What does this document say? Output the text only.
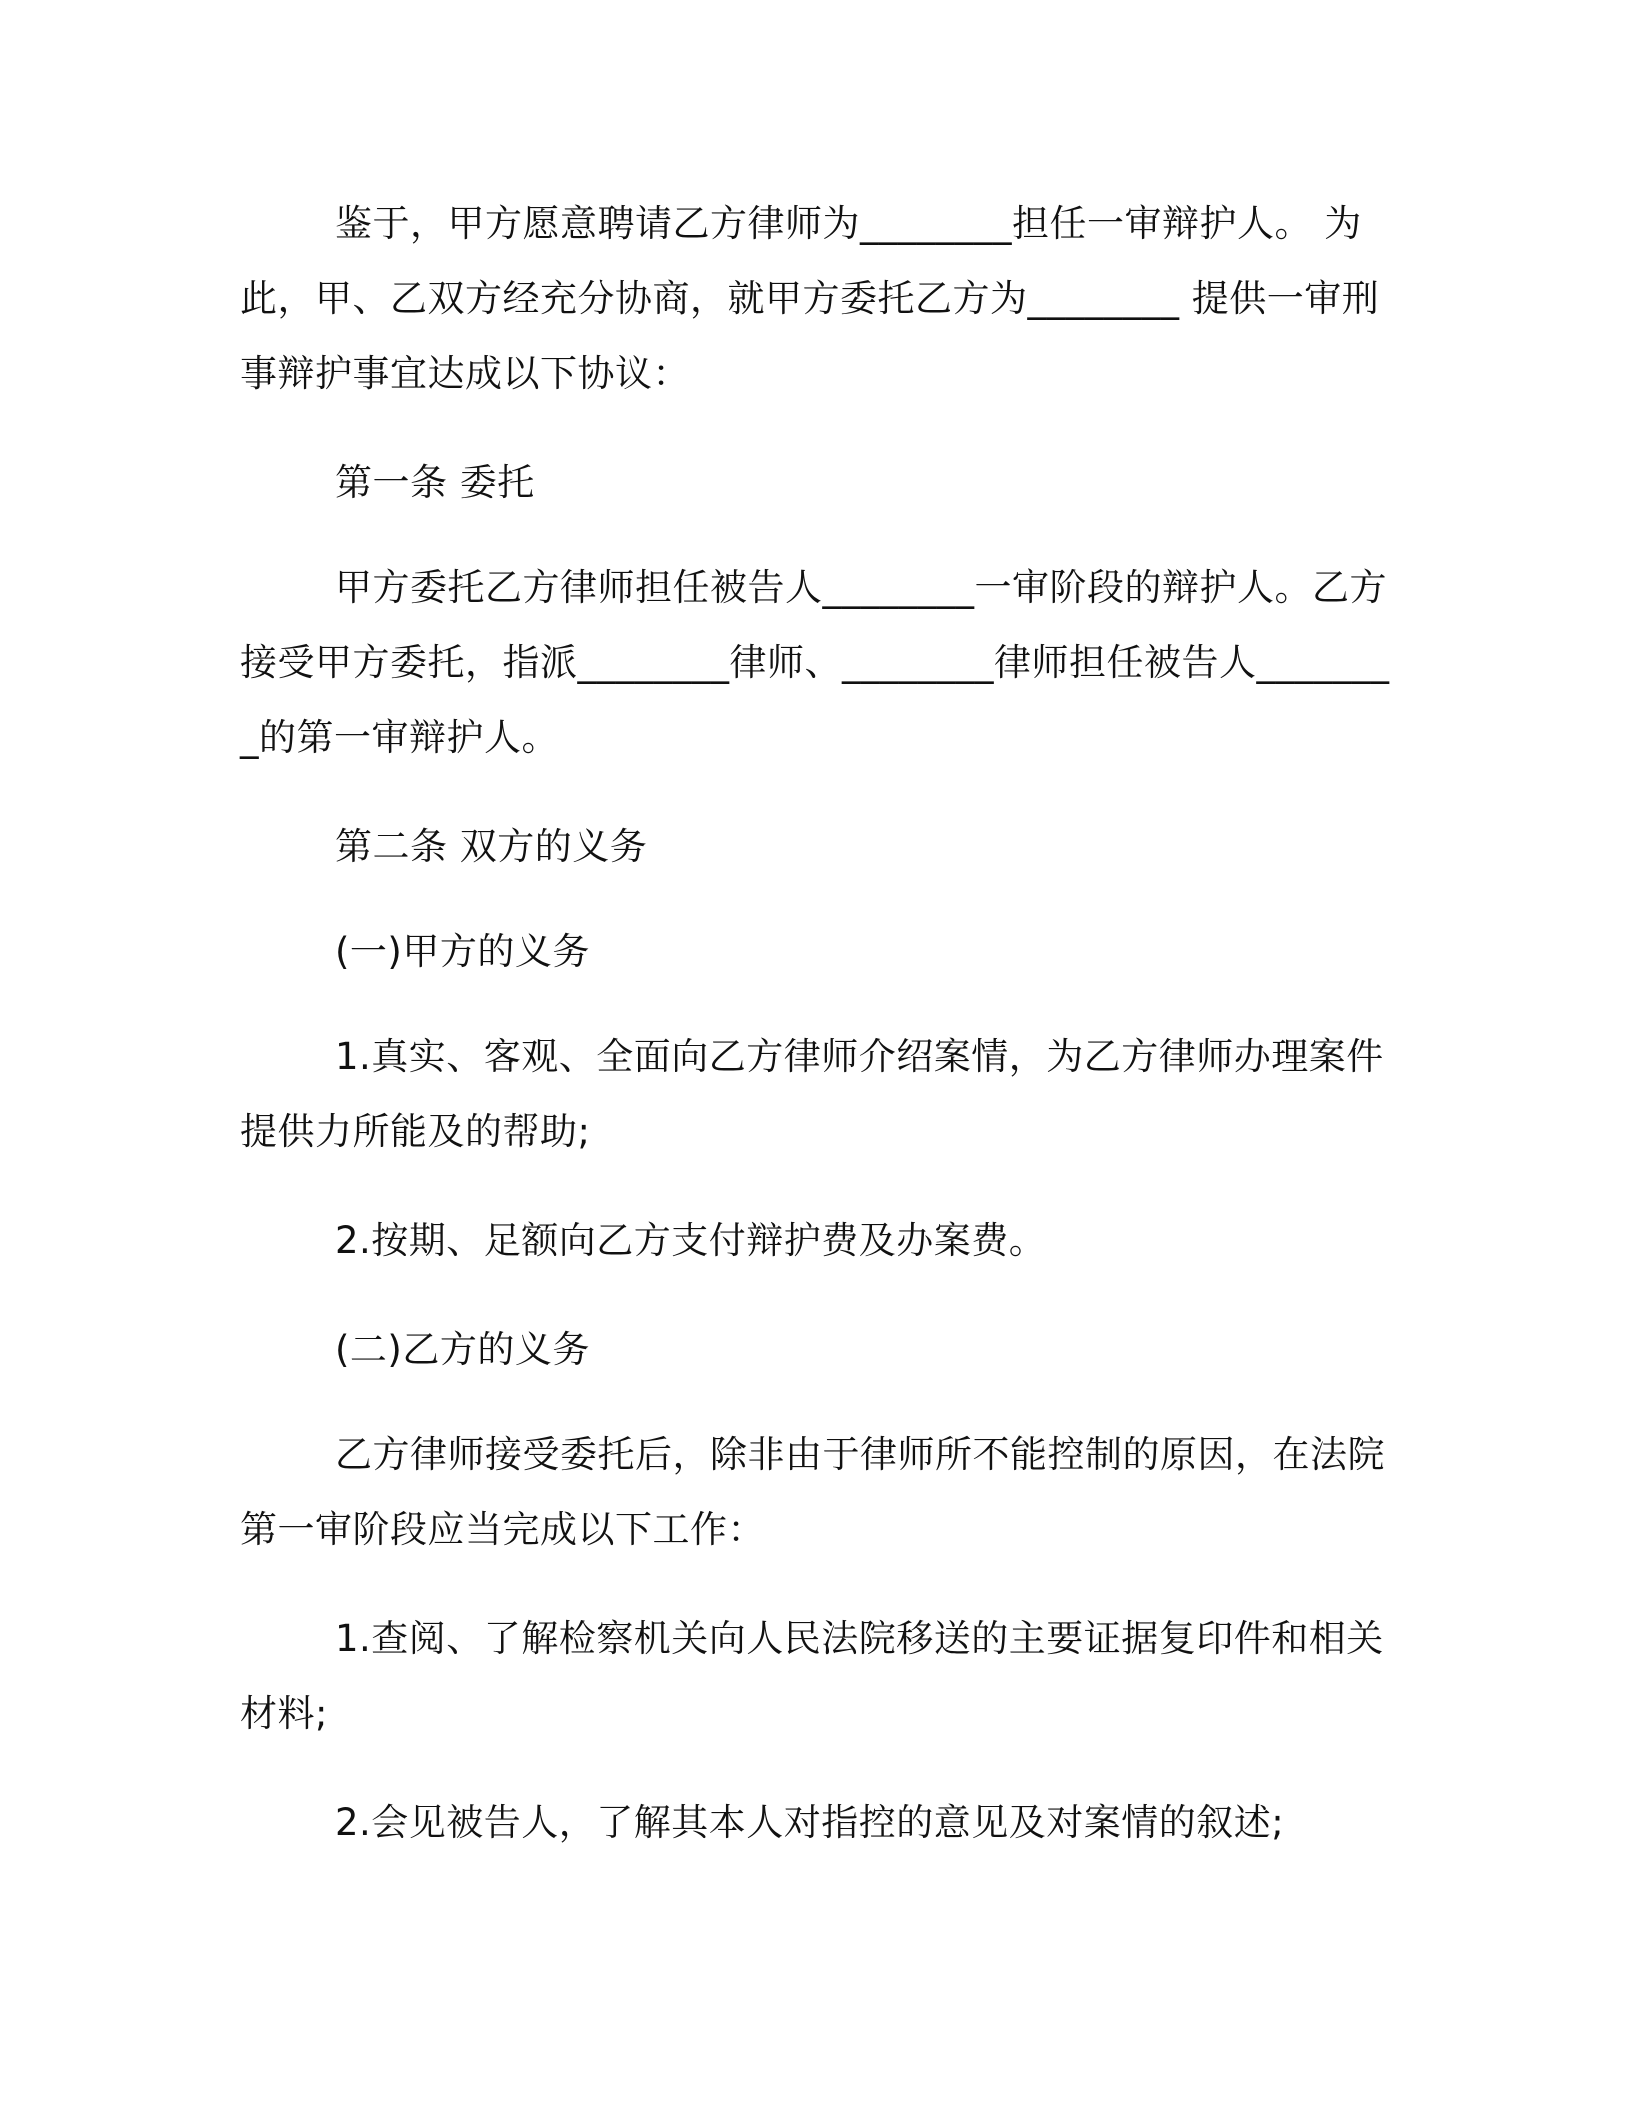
鉴于，甲方愿意聘请乙方律师为________担任一审辩护人。 为此，甲、乙双方经充分协商，就甲方委托乙方为________ 提供一审刑事辩护事宜达成以下协议：

第一条 委托

甲方委托乙方律师担任被告人________一审阶段的辩护人。乙方接受甲方委托，指派________律师、________律师担任被告人________的第一审辩护人。

第二条 双方的义务

(一)甲方的义务

1.真实、客观、全面向乙方律师介绍案情，为乙方律师办理案件提供力所能及的帮助;

2.按期、足额向乙方支付辩护费及办案费。

(二)乙方的义务

乙方律师接受委托后，除非由于律师所不能控制的原因，在法院第一审阶段应当完成以下工作：

1.查阅、了解检察机关向人民法院移送的主要证据复印件和相关材料;

2.会见被告人，了解其本人对指控的意见及对案情的叙述;
